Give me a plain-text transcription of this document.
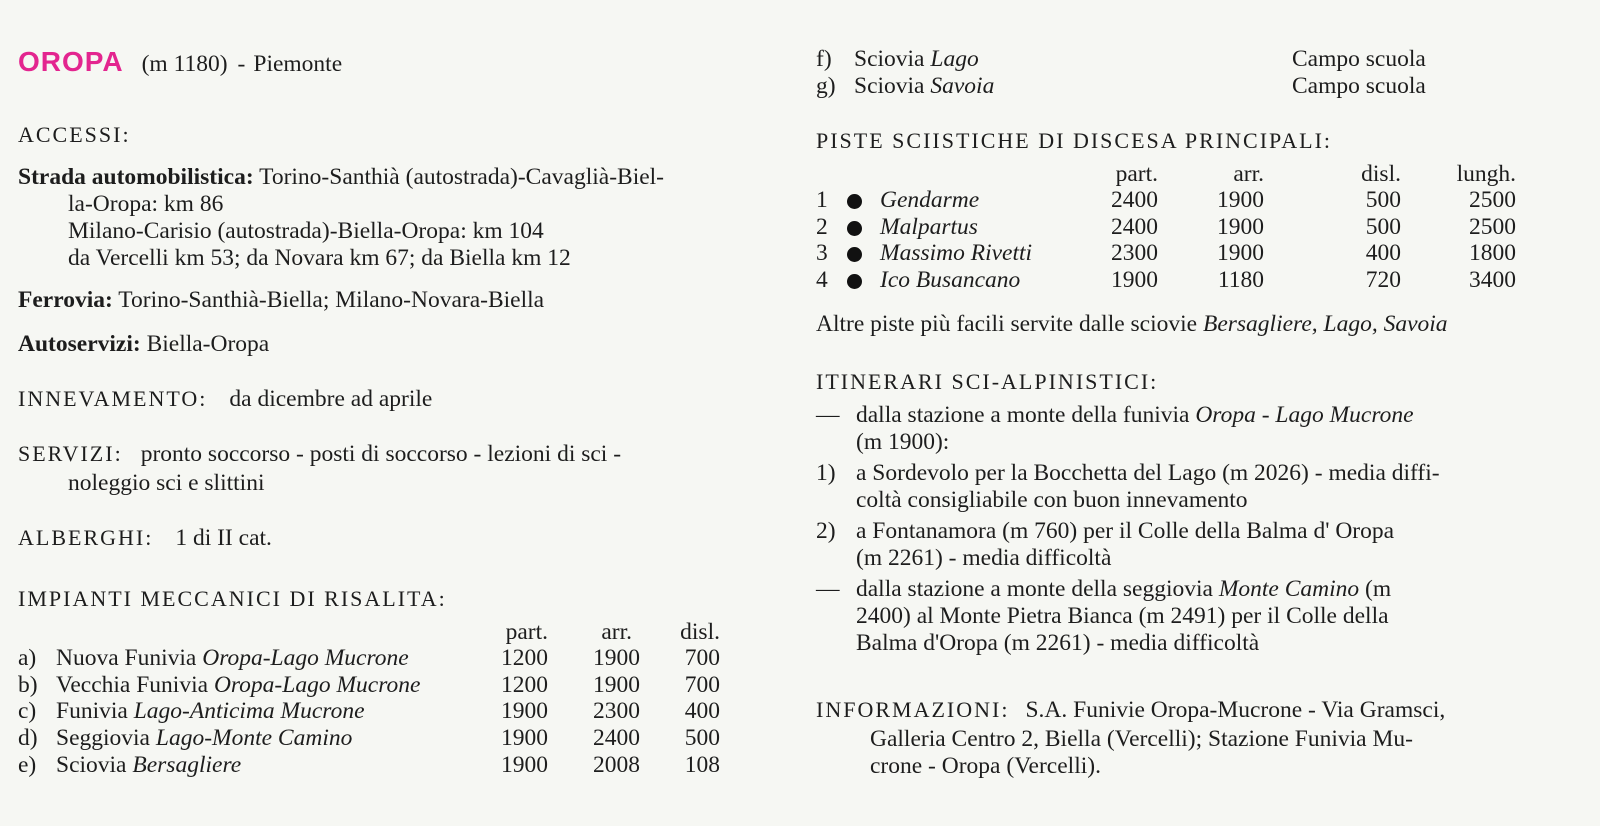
OROPA (m 1180) - Piemonte
ACCESSI:
Strada automobilistica: Torino-Santhià (autostrada)-Cavaglià-Biel-
la-Oropa: km 86
Milano-Carisio (autostrada)-Biella-Oropa: km 104
da Vercelli km 53; da Novara km 67; da Biella km 12
Ferrovia: Torino-Santhià-Biella; Milano-Novara-Biella
Autoservizi: Biella-Oropa
INNEVAMENTO: da dicembre ad aprile
SERVIZI: pronto soccorso - posti di soccorso - lezioni di sci -
noleggio sci e slittini
ALBERGHI: 1 di II cat.
IMPIANTI MECCANICI DI RISALITA:
part.	arr. disl.
a) Nuova Funivia Oropa-Lago Mucrone	1200	1900	700
b) Vecchia Funivia Oropa-Lago Mucrone	1200	1900	700
c) Funivia Lago-Anticima Mucrone	1900	2300	400
d) Seggiovia Lago-Monte Camino	1900	2400	500
e) Sciovia Bersagliere	1900	2008	108
f) Sciovia Lago	Campo scuola
g) Sciovia Savoia	Campo scuola
PISTE SCIISTICHE DI DISCESA PRINCIPALI:
part.	arr.	disl. lungh.
1 Gendarme	2400	1900	500	2500
2 Malpartus	2400	1900	500	2500
3 Massimo Rivetti	2300	1900	400	1800
4 Ico Busancano	1900	1180	720	3400
Altre piste più facili servite dalle sciovie Bersagliere, Lago, Savoia
ITINERARI SCI-ALPINISTICI:
— dalla stazione a monte della funivia Oropa - Lago Mucrone
(m 1900):
1) a Sordevolo per la Bocchetta del Lago (m 2026) - media diffi-
coltà consigliabile con buon innevamento
2) a Fontanamora (m 760) per il Colle della Balma d' Oropa
(m 2261) - media difficoltà
— dalla stazione a monte della seggiovia Monte Camino (m
2400) al Monte Pietra Bianca (m 2491) per il Colle della
Balma d'Oropa (m 2261) - media difficoltà
INFORMAZIONI: S.A. Funivie Oropa-Mucrone - Via Gramsci,
Galleria Centro 2, Biella (Vercelli); Stazione Funivia Mu-
crone - Oropa (Vercelli).
